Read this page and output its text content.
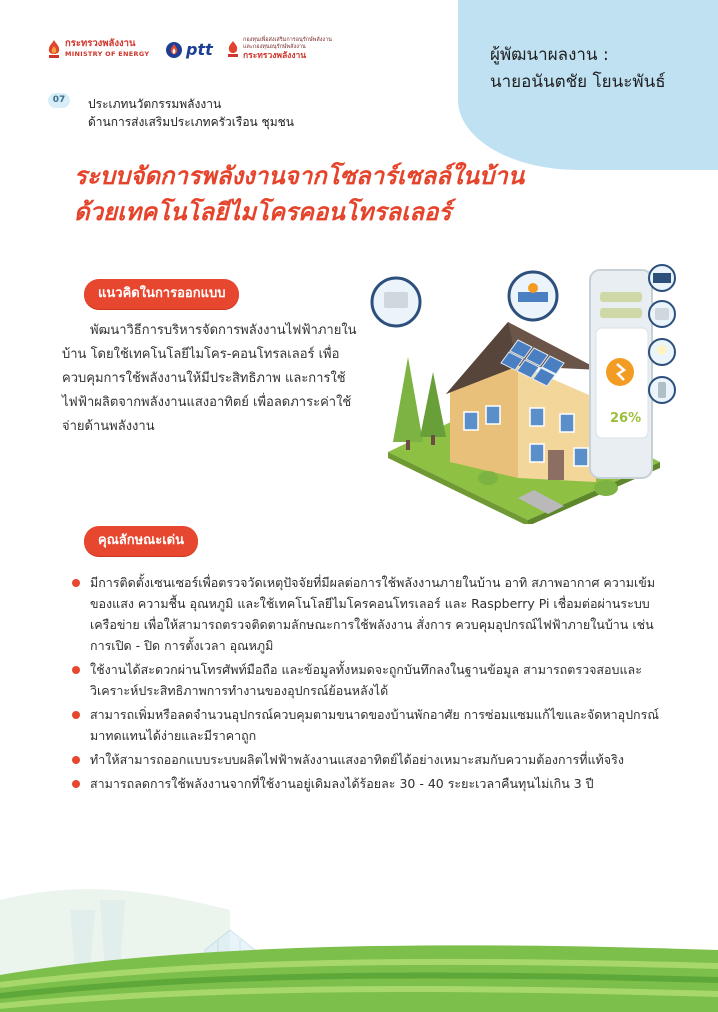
กระทรวงพลังงาน
MINISTRY OF ENERGY ptt	กองทุนเพื่อส่งเสริมการอนุรักษ์พลังงาน
และกองทุนอนุรักษ์พลังงาน
กระทรวงพลังงาน	ผู้พัฒนาผลงาน :
นายอนันตชัย โยนะพันธ์
07	ประเภทนวัตกรรมพลังงาน
ด้านการส่งเสริมประเภทครัวเรือน ชุมชน
ระบบจัดการพลังงานจากโซลาร์เซลล์ในบ้าน
ด้วยเทคโนโลยีไมโครคอนโทรลเลอร์
แนวคิดในการออกแบบ
พัฒนาวิธีการบริหารจัดการพลังงานไฟฟ้าภายในบ้าน โดยใช้เทคโนโลยีไมโคร-คอนโทรลเลอร์ เพื่อควบคุมการใช้พลังงานให้มีประสิทธิภาพ และการใช้ไฟฟ้าผลิตจากพลังงานแสงอาทิตย์ เพื่อลดภาระค่าใช้จ่ายด้านพลังงาน
26%
คุณลักษณะเด่น
มีการติดตั้งเซนเซอร์เพื่อตรวจวัดเหตุปัจจัยที่มีผลต่อการใช้พลังงานภายในบ้าน อาทิ สภาพอากาศ ความเข้มของแสง ความชื้น อุณหภูมิ และใช้เทคโนโลยีไมโครคอนโทรเลอร์ และ Raspberry Pi เชื่อมต่อผ่านระบบเครือข่าย เพื่อให้สามารถตรวจติดตามลักษณะการใช้พลังงาน สั่งการ ควบคุมอุปกรณ์ไฟฟ้าภายในบ้าน เช่น การเปิด - ปิด การตั้งเวลา อุณหภูมิ
ใช้งานได้สะดวกผ่านโทรศัพท์มือถือ และข้อมูลทั้งหมดจะถูกบันทึกลงในฐานข้อมูล สามารถตรวจสอบและวิเคราะห์ประสิทธิภาพการทำงานของอุปกรณ์ย้อนหลังได้
สามารถเพิ่มหรือลดจำนวนอุปกรณ์ควบคุมตามขนาดของบ้านพักอาศัย การซ่อมแซมแก้ไขและจัดหาอุปกรณ์มาทดแทนได้ง่ายและมีราคาถูก
ทำให้สามารถออกแบบระบบผลิตไฟฟ้าพลังงานแสงอาทิตย์ได้อย่างเหมาะสมกับความต้องการที่แท้จริง
สามารถลดการใช้พลังงานจากที่ใช้งานอยู่เดิมลงได้ร้อยละ 30 - 40 ระยะเวลาคืนทุนไม่เกิน 3 ปี
